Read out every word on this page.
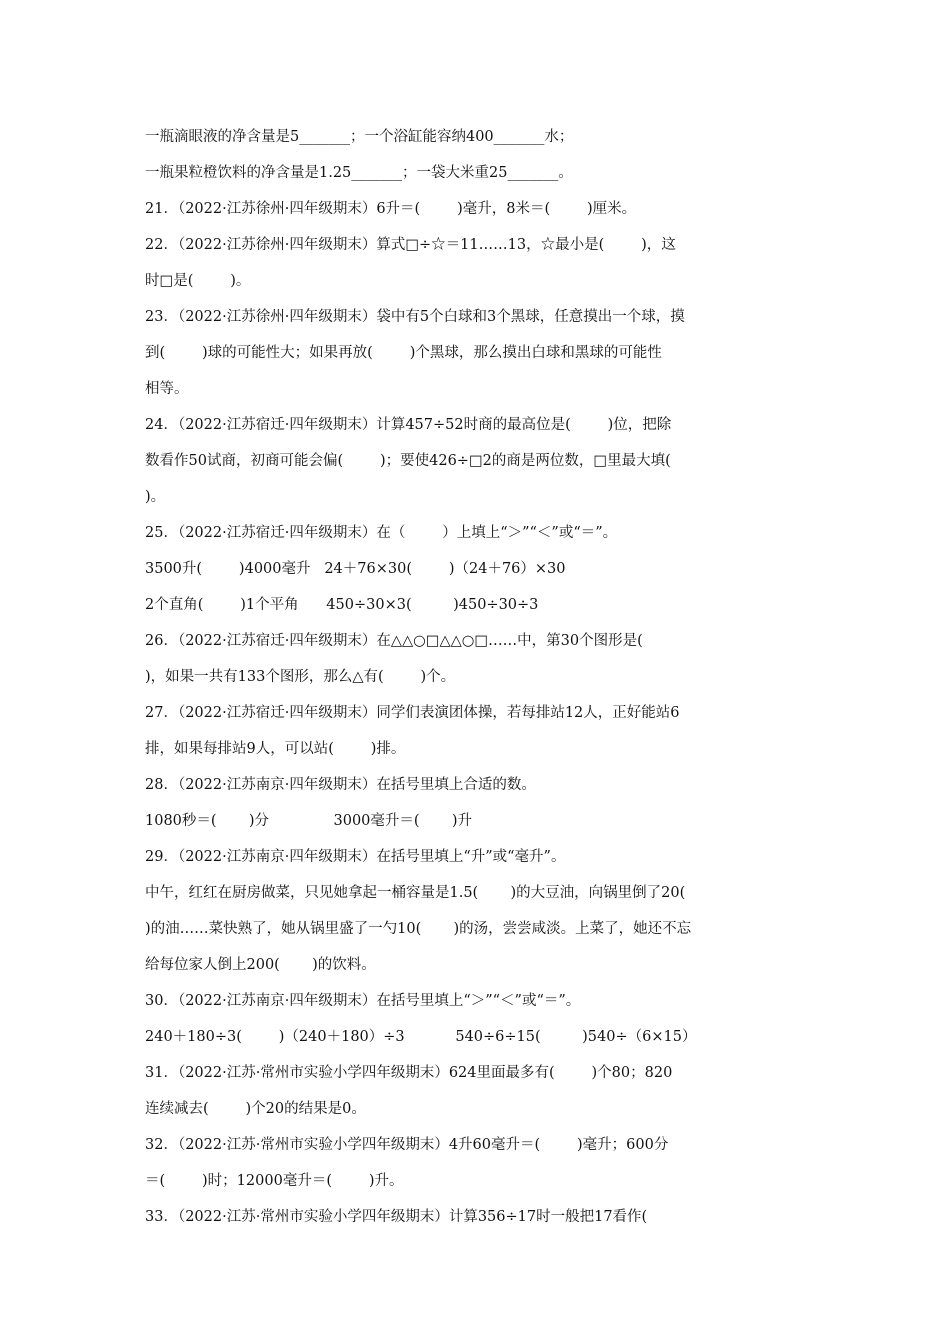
一瓶滴眼液的净含量是5_______；一个浴缸能容纳400_______水；
一瓶果粒橙饮料的净含量是1.25_______；一袋大米重25_______。
21．（2022·江苏徐州·四年级期末）6升＝(        )毫升，8米＝(        )厘米。
22．（2022·江苏徐州·四年级期末）算式□÷☆＝11……13，☆最小是(        )，这
时□是(        )。
23．（2022·江苏徐州·四年级期末）袋中有5个白球和3个黑球，任意摸出一个球，摸
到(        )球的可能性大；如果再放(        )个黑球，那么摸出白球和黑球的可能性
相等。
24．（2022·江苏宿迁·四年级期末）计算457÷52时商的最高位是(        )位，把除
数看作50试商，初商可能会偏(        )；要使426÷□2的商是两位数，□里最大填(
)。
25．（2022·江苏宿迁·四年级期末）在（        ）上填上“＞”“＜”或“＝”。
3500升(        )4000毫升   24＋76×30(        )（24＋76）×30
2个直角(        )1个平角      450÷30×3(         )450÷30÷3
26．（2022·江苏宿迁·四年级期末）在△△○□△△○□……中，第30个图形是(
)，如果一共有133个图形，那么△有(        )个。
27．（2022·江苏宿迁·四年级期末）同学们表演团体操，若每排站12人，正好能站6
排，如果每排站9人，可以站(        )排。
28．（2022·江苏南京·四年级期末）在括号里填上合适的数。
1080秒＝(       )分              3000毫升＝(       )升
29．（2022·江苏南京·四年级期末）在括号里填上“升”或“毫升”。
中午，红红在厨房做菜，只见她拿起一桶容量是1.5(       )的大豆油，向锅里倒了20(
)的油……菜快熟了，她从锅里盛了一勺10(       )的汤，尝尝咸淡。上菜了，她还不忘
给每位家人倒上200(       )的饮料。
30．（2022·江苏南京·四年级期末）在括号里填上“＞”“＜”或“＝”。
240＋180÷3(        )（240＋180）÷3           540÷6÷15(         )540÷（6×15）
31．（2022·江苏·常州市实验小学四年级期末）624里面最多有(        )个80；820
连续减去(        )个20的结果是0。
32．（2022·江苏·常州市实验小学四年级期末）4升60毫升＝(        )毫升；600分
＝(        )时；12000毫升＝(        )升。
33．（2022·江苏·常州市实验小学四年级期末）计算356÷17时一般把17看作(
